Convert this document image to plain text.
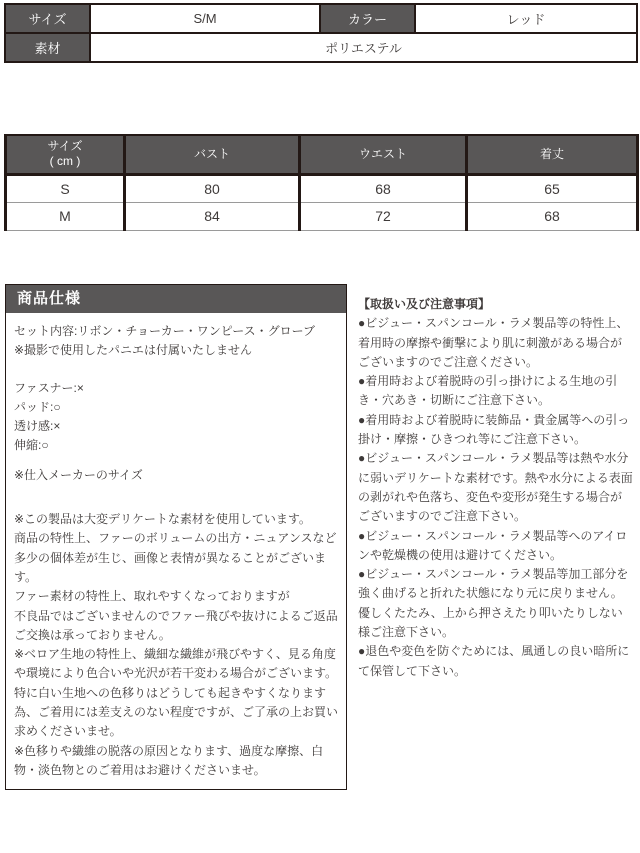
サイズ	S/M	カラー	レッド
素材	ポリエステル		
サイズ
( cm )	バスト	ウエスト	着丈
S	80	68	65
M	84	72	68
商品仕様
セット内容:リボン・チョーカー・ワンピース・グローブ
※撮影で使用したパニエは付属いたしません
ファスナー:×
パッド:○
透け感:×
伸縮:○
※仕入メーカーのサイズ
※この製品は大変デリケートな素材を使用しています。
商品の特性上、ファーのボリュームの出方・ニュアンスなど多少の個体差が生じ、画像と表情が異なることがございます。
ファー素材の特性上、取れやすくなっておりますが
不良品ではございませんのでファー飛びや抜けによるご返品ご交換は承っておりません。
※ベロア生地の特性上、繊細な繊維が飛びやすく、見る角度や環境により色合いや光沢が若干変わる場合がございます。
特に白い生地への色移りはどうしても起きやすくなります為、ご着用には差支えのない程度ですが、ご了承の上お買い求めくださいませ。
※色移りや繊維の脱落の原因となります、過度な摩擦、白物・淡色物とのご着用はお避けくださいませ。
【取扱い及び注意事項】
●ビジュー・スパンコール・ラメ製品等の特性上、着用時の摩擦や衝撃により肌に刺激がある場合がございますのでご注意ください。
●着用時および着脱時の引っ掛けによる生地の引き・穴あき・切断にご注意下さい。
●着用時および着脱時に装飾品・貴金属等への引っ掛け・摩擦・ひきつれ等にご注意下さい。
●ビジュー・スパンコール・ラメ製品等は熱や水分に弱いデリケートな素材です。熱や水分による表面の剥がれや色落ち、変色や変形が発生する場合がございますのでご注意下さい。
●ビジュー・スパンコール・ラメ製品等へのアイロンや乾燥機の使用は避けてください。
●ビジュー・スパンコール・ラメ製品等加工部分を強く曲げると折れた状態になり元に戻りません。優しくたたみ、上から押さえたり叩いたりしない様ご注意下さい。
●退色や変色を防ぐためには、風通しの良い暗所にて保管して下さい。
